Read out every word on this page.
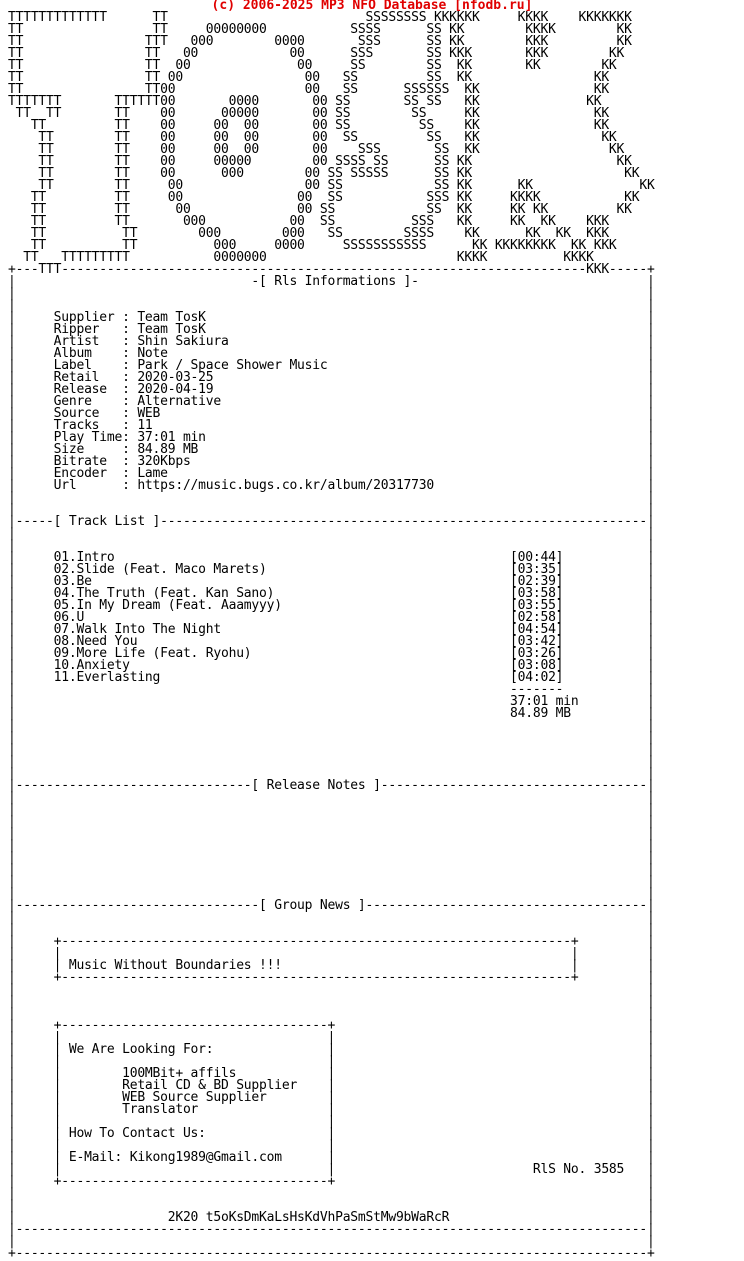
(c) 2006-2025 MP3 NFO Database [nfodb.ru]
TTTTTTTTTTTTT      TT                          SSSSSSSS KKKKKK     KKKK    KKKKKKK
TT                 TT     00000000           SSSS      SS KK        KKKK        KK
TT                TTT   000        0000       SSS      SS KK        KKK         KK
TT                TT   00            00      SSS       SS KKK       KKK        KK
TT                TT  00              00     SS        SS  KK       KK        KK
TT                TT 00                00   SS         SS  KK                KK
TT                TT00                 00   SS      SSSSSS  KK               KK
TTTTTTT       TTTTTT00       0000       00 SS       SS SS   KK              KK
TT  TT       TT    00      00000       00 SS        SS     KK               KK
TT         TT    00     00  00       00 SS         SS    KK               KK
TT        TT    00     00  00       00  SS         SS   KK                KK
TT        TT    00     00  00       00    SSS       SS  KK                 KK
TT        TT    00     00000        00 SSSS SS      SS KK                   KK
TT        TT    00      000        00 SS SSSSS      SS KK                    KK
TT        TT     00                00 SS            SS KK      KK              KK
TT         TT     00               00  SS           SSS KK     KKKK           KK
TT         TT      00              00 SS            SS  KK     KK KK         KK
TT         TT       000           00  SS          SSS   KK     KK  KK    KKK
TT          TT        000        000   SS        SSSS    KK      KK  KK  KKK
TT          TT          000     0000     SSSSSSSSSSS      KK KKKKKKKK  KK KKK
TT   TTTTTTTTT           0000000                         KKKK          KKKK
+---TTT---------------------------------------------------------------------KKK-----+
|                               -[ Rls Informations ]-                              |
|                                                                                   |
|                                                                                   |
|     Supplier : Team TosK                                                          |
|     Ripper   : Team TosK                                                          |
|     Artist   : Shin Sakiura                                                       |
|     Album    : Note                                                               |
|     Label    : Park / Space Shower Music                                          |
|     Retail   : 2020-03-25                                                         |
|     Release  : 2020-04-19                                                         |
|     Genre    : Alternative                                                        |
|     Source   : WEB                                                                |
|     Tracks   : 11                                                                 |
|     Play Time: 37:01 min                                                          |
|     Size     : 84.89 MB                                                           |
|     Bitrate  : 320Kbps                                                            |
|     Encoder  : Lame                                                               |
|     Url      : https://music.bugs.co.kr/album/20317730                            |
|                                                                                   |
|                                                                                   |
|-----[ Track List ]----------------------------------------------------------------|
|                                                                                   |
|                                                                                   |
|     01.Intro                                                    [00:44]           |
|     02.Slide (Feat. Maco Marets)                                [03:35]           |
|     03.Be                                                       [02:39]           |
|     04.The Truth (Feat. Kan Sano)                               [03:58]           |
|     05.In My Dream (Feat. Aaamyyy)                              [03:55]           |
|     06.U                                                        [02:58]           |
|     07.Walk Into The Night                                      [04:54]           |
|     08.Need You                                                 [03:42]           |
|     09.More Life (Feat. Ryohu)                                  [03:26]           |
|     10.Anxiety                                                  [03:08]           |
|     11.Everlasting                                              [04:02]           |
|                                                                 -------           |
|                                                                 37:01 min         |
|                                                                 84.89 MB          |
|                                                                                   |
|                                                                                   |
|                                                                                   |
|                                                                                   |
|                                                                                   |
|-------------------------------[ Release Notes ]-----------------------------------|
|                                                                                   |
|                                                                                   |
|                                                                                   |
|                                                                                   |
|                                                                                   |
|                                                                                   |
|                                                                                   |
|                                                                                   |
|                                                                                   |
|--------------------------------[ Group News ]-------------------------------------|
|                                                                                   |
|                                                                                   |
|     +-------------------------------------------------------------------+         |
|     |                                                                   |         |
|     | Music Without Boundaries !!!                                      |         |
|     +-------------------------------------------------------------------+         |
|                                                                                   |
|                                                                                   |
|                                                                                   |
|     +-----------------------------------+                                         |
|     |                                   |                                         |
|     | We Are Looking For:               |                                         |
|     |                                   |                                         |
|     |        100MBit+ affils            |                                         |
|     |        Retail CD & BD Supplier    |                                         |
|     |        WEB Source Supplier        |                                         |
|     |        Translator                 |                                         |
|     |                                   |                                         |
|     | How To Contact Us:                |                                         |
|     |                                   |                                         |
|     | E-Mail: Kikong1989@Gmail.com      |                                         |
|     |                                   |                          RlS No. 3585   |
|     +-----------------------------------+                                         |
|                                                                                   |
|                                                                                   |
|                    2K20 t5oKsDmKaLsHsKdVhPaSmStMw9bWaRcR                          |
|-----------------------------------------------------------------------------------|
|                                                                                   |
+-----------------------------------------------------------------------------------+
